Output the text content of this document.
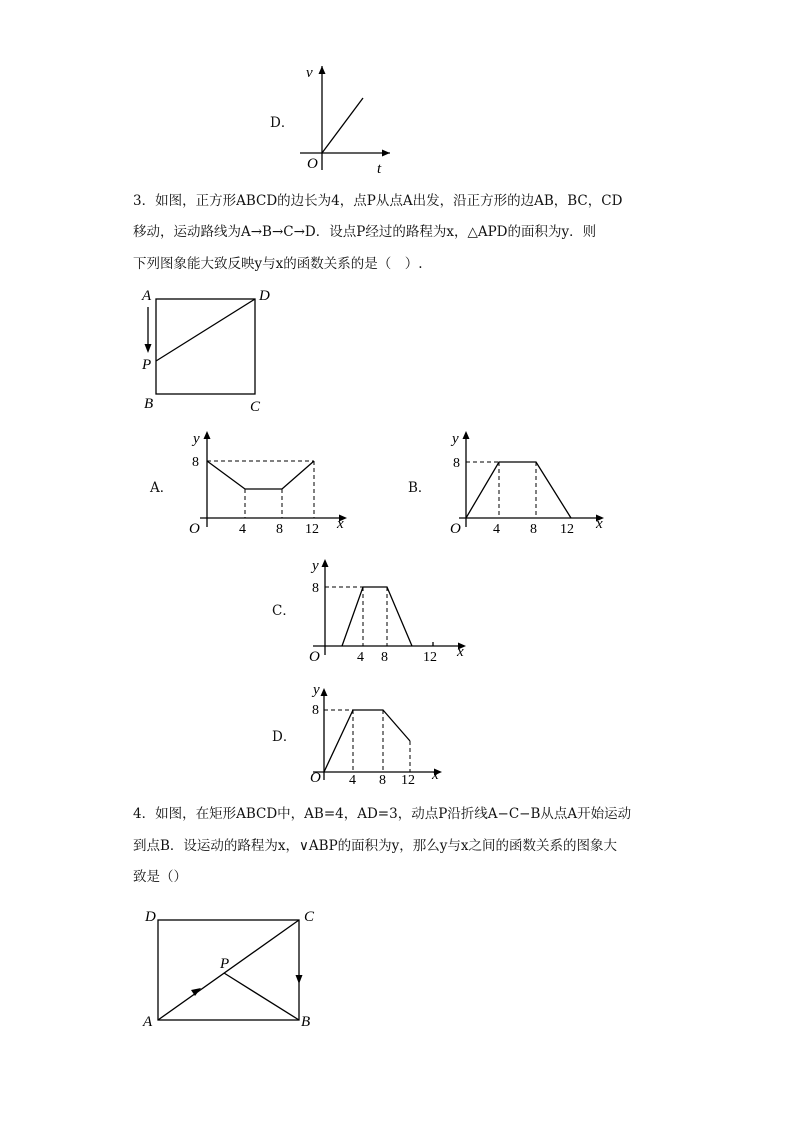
D．
v
t
O
3．如图，正方形ABCD的边长为4，点P从点A出发，沿正方形的边AB，BC，CD
移动，运动路线为A→B→C→D．设点P经过的路程为x，△APD的面积为y．则
下列图象能大致反映y与x的函数关系的是（　）.
A	D
P
B	C
A．
y
x
O
8
4 8 12
B．
y
x
O
8
4 8 12
C．
y
x
O
8
4 8	12
D．
y
x
O
8
4 8 12
4．如图，在矩形ABCD中，AB=4，AD=3，动点P沿折线A−C−B从点A开始运动
到点B．设运动的路程为x，∨ABP的面积为y，那么y与x之间的函数关系的图象大
致是（）
D	C
P
A	B
